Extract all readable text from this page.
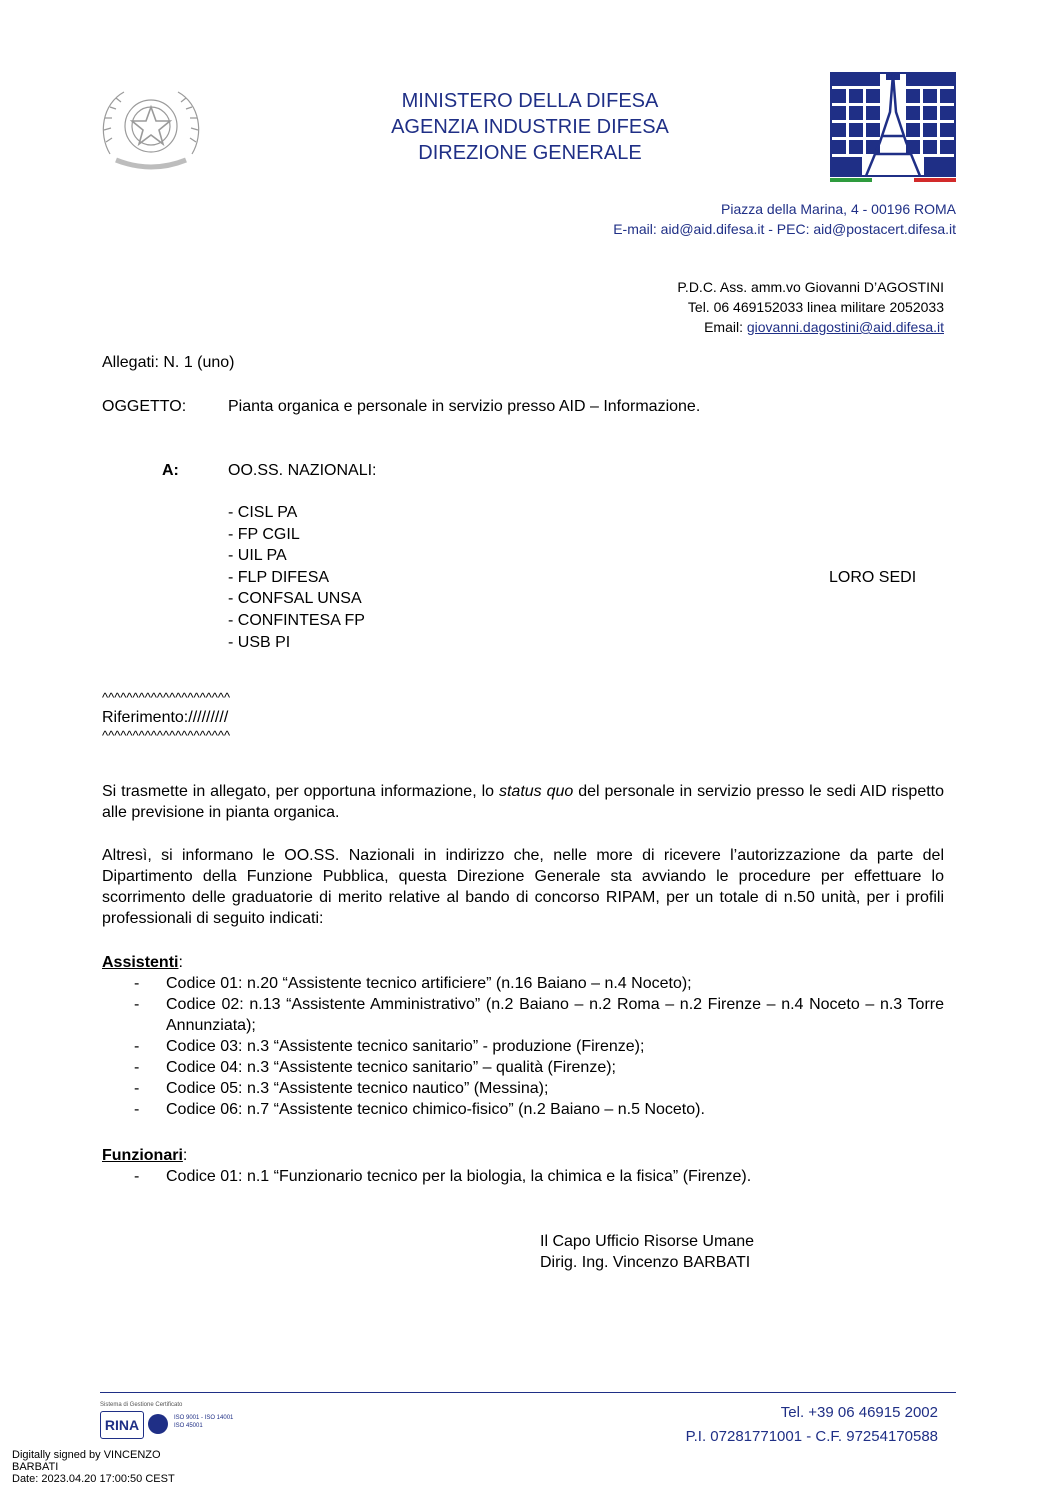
MINISTERO DELLA DIFESA
AGENZIA INDUSTRIE DIFESA
DIREZIONE GENERALE
Piazza della Marina, 4 - 00196 ROMA
E-mail: aid@aid.difesa.it - PEC: aid@postacert.difesa.it
P.D.C. Ass. amm.vo Giovanni D’AGOSTINI
Tel. 06 469152033 linea militare 2052033
Email: giovanni.dagostini@aid.difesa.it
Allegati: N. 1 (uno)
OGGETTO:	Pianta organica e personale in servizio presso AID – Informazione.
A:	OO.SS. NAZIONALI:
- CISL PA
- FP CGIL
- UIL PA
- FLP DIFESA
- CONFSAL UNSA
- CONFINTESA FP
- USB PI
LORO SEDI
^^^^^^^^^^^^^^^^^^^^^
Riferimento://///////
^^^^^^^^^^^^^^^^^^^^^
Si trasmette in allegato, per opportuna informazione, lo status quo del personale in servizio presso le sedi AID rispetto alle previsione in pianta organica.
Altresì, si informano le OO.SS. Nazionali in indirizzo che, nelle more di ricevere l’autorizzazione da parte del Dipartimento della Funzione Pubblica, questa Direzione Generale sta avviando le procedure per effettuare lo scorrimento delle graduatorie di merito relative al bando di concorso RIPAM, per un totale di n.50 unità, per i profili professionali di seguito indicati:
Assistenti:
- Codice 01: n.20 “Assistente tecnico artificiere” (n.16 Baiano – n.4 Noceto);
- Codice 02: n.13 “Assistente Amministrativo” (n.2 Baiano – n.2 Roma – n.2 Firenze – n.4 Noceto – n.3 Torre Annunziata);
- Codice 03: n.3 “Assistente tecnico sanitario” - produzione (Firenze);
- Codice 04: n.3 “Assistente tecnico sanitario” – qualità (Firenze);
- Codice 05: n.3 “Assistente tecnico nautico” (Messina);
- Codice 06: n.7 “Assistente tecnico chimico-fisico” (n.2 Baiano – n.5 Noceto).
Funzionari:
- Codice 01: n.1 “Funzionario tecnico per la biologia, la chimica e la fisica” (Firenze).
Il Capo Ufficio Risorse Umane
Dirig. Ing. Vincenzo BARBATI
Sistema di Gestione Certificato
RINA	ISO 9001 - ISO 14001
ISO 45001
Tel. +39 06 46915 2002
P.I. 07281771001 - C.F. 97254170588
Digitally signed by VINCENZO
BARBATI
Date: 2023.04.20 17:00:50 CEST
